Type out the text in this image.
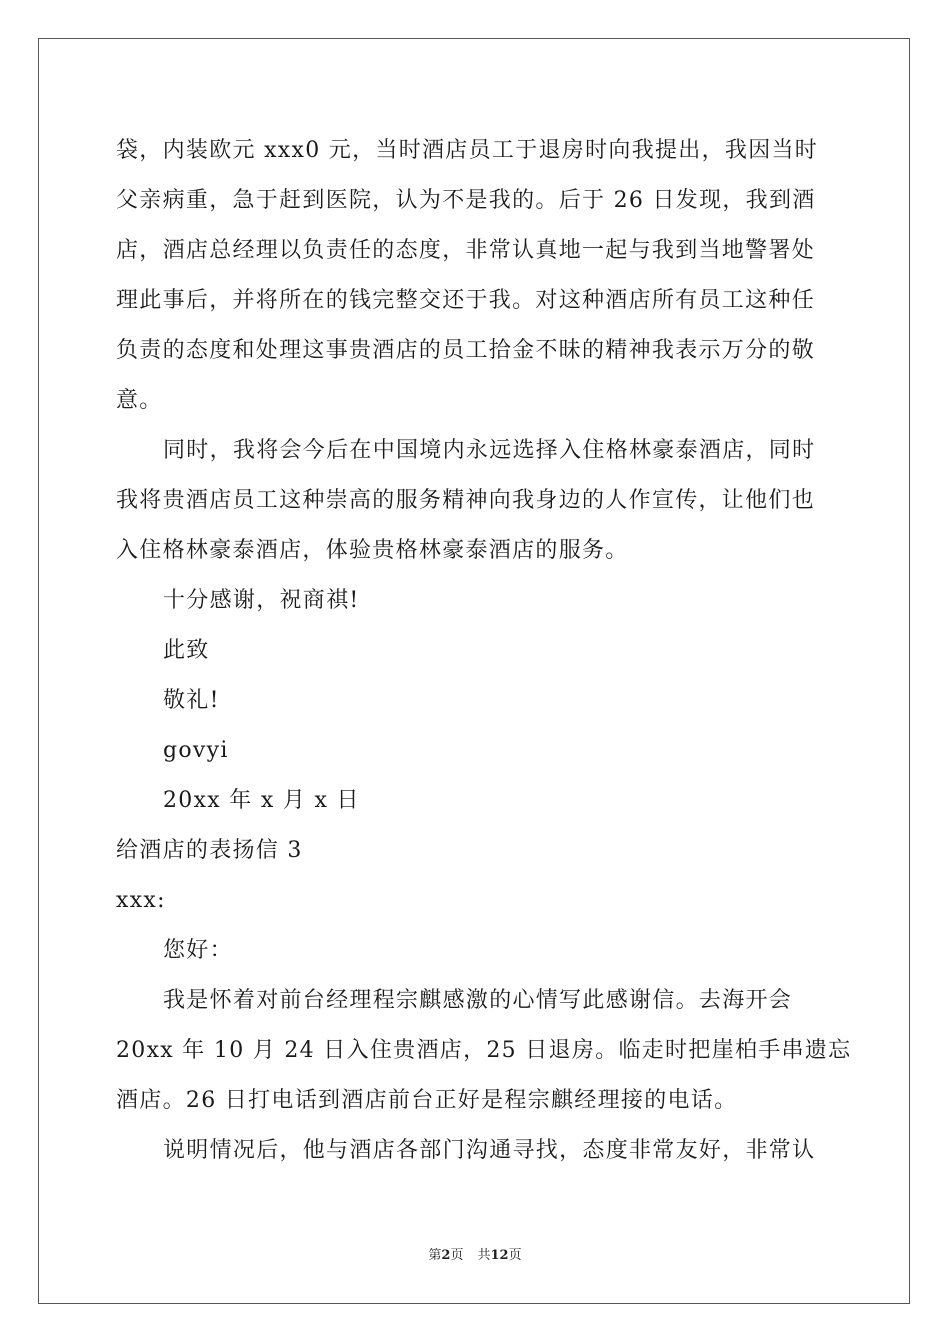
袋，内装欧元 xxx0 元，当时酒店员工于退房时向我提出，我因当时
父亲病重，急于赶到医院，认为不是我的。后于 26 日发现，我到酒
店，酒店总经理以负责任的态度，非常认真地一起与我到当地警署处
理此事后，并将所在的钱完整交还于我。对这种酒店所有员工这种任
负责的态度和处理这事贵酒店的员工拾金不昧的精神我表示万分的敬
意。
同时，我将会今后在中国境内永远选择入住格林豪泰酒店，同时
我将贵酒店员工这种崇高的服务精神向我身边的人作宣传，让他们也
入住格林豪泰酒店，体验贵格林豪泰酒店的服务。
十分感谢，祝商祺!
此致
敬礼!
govyi
20xx 年 x 月 x 日
给酒店的表扬信 3
xxx:
您好：
我是怀着对前台经理程宗麒感激的心情写此感谢信。去海开会
20xx 年 10 月 24 日入住贵酒店，25 日退房。临走时把崖柏手串遗忘
酒店。26 日打电话到酒店前台正好是程宗麒经理接的电话。
说明情况后，他与酒店各部门沟通寻找，态度非常友好，非常认
第2页 共12页
